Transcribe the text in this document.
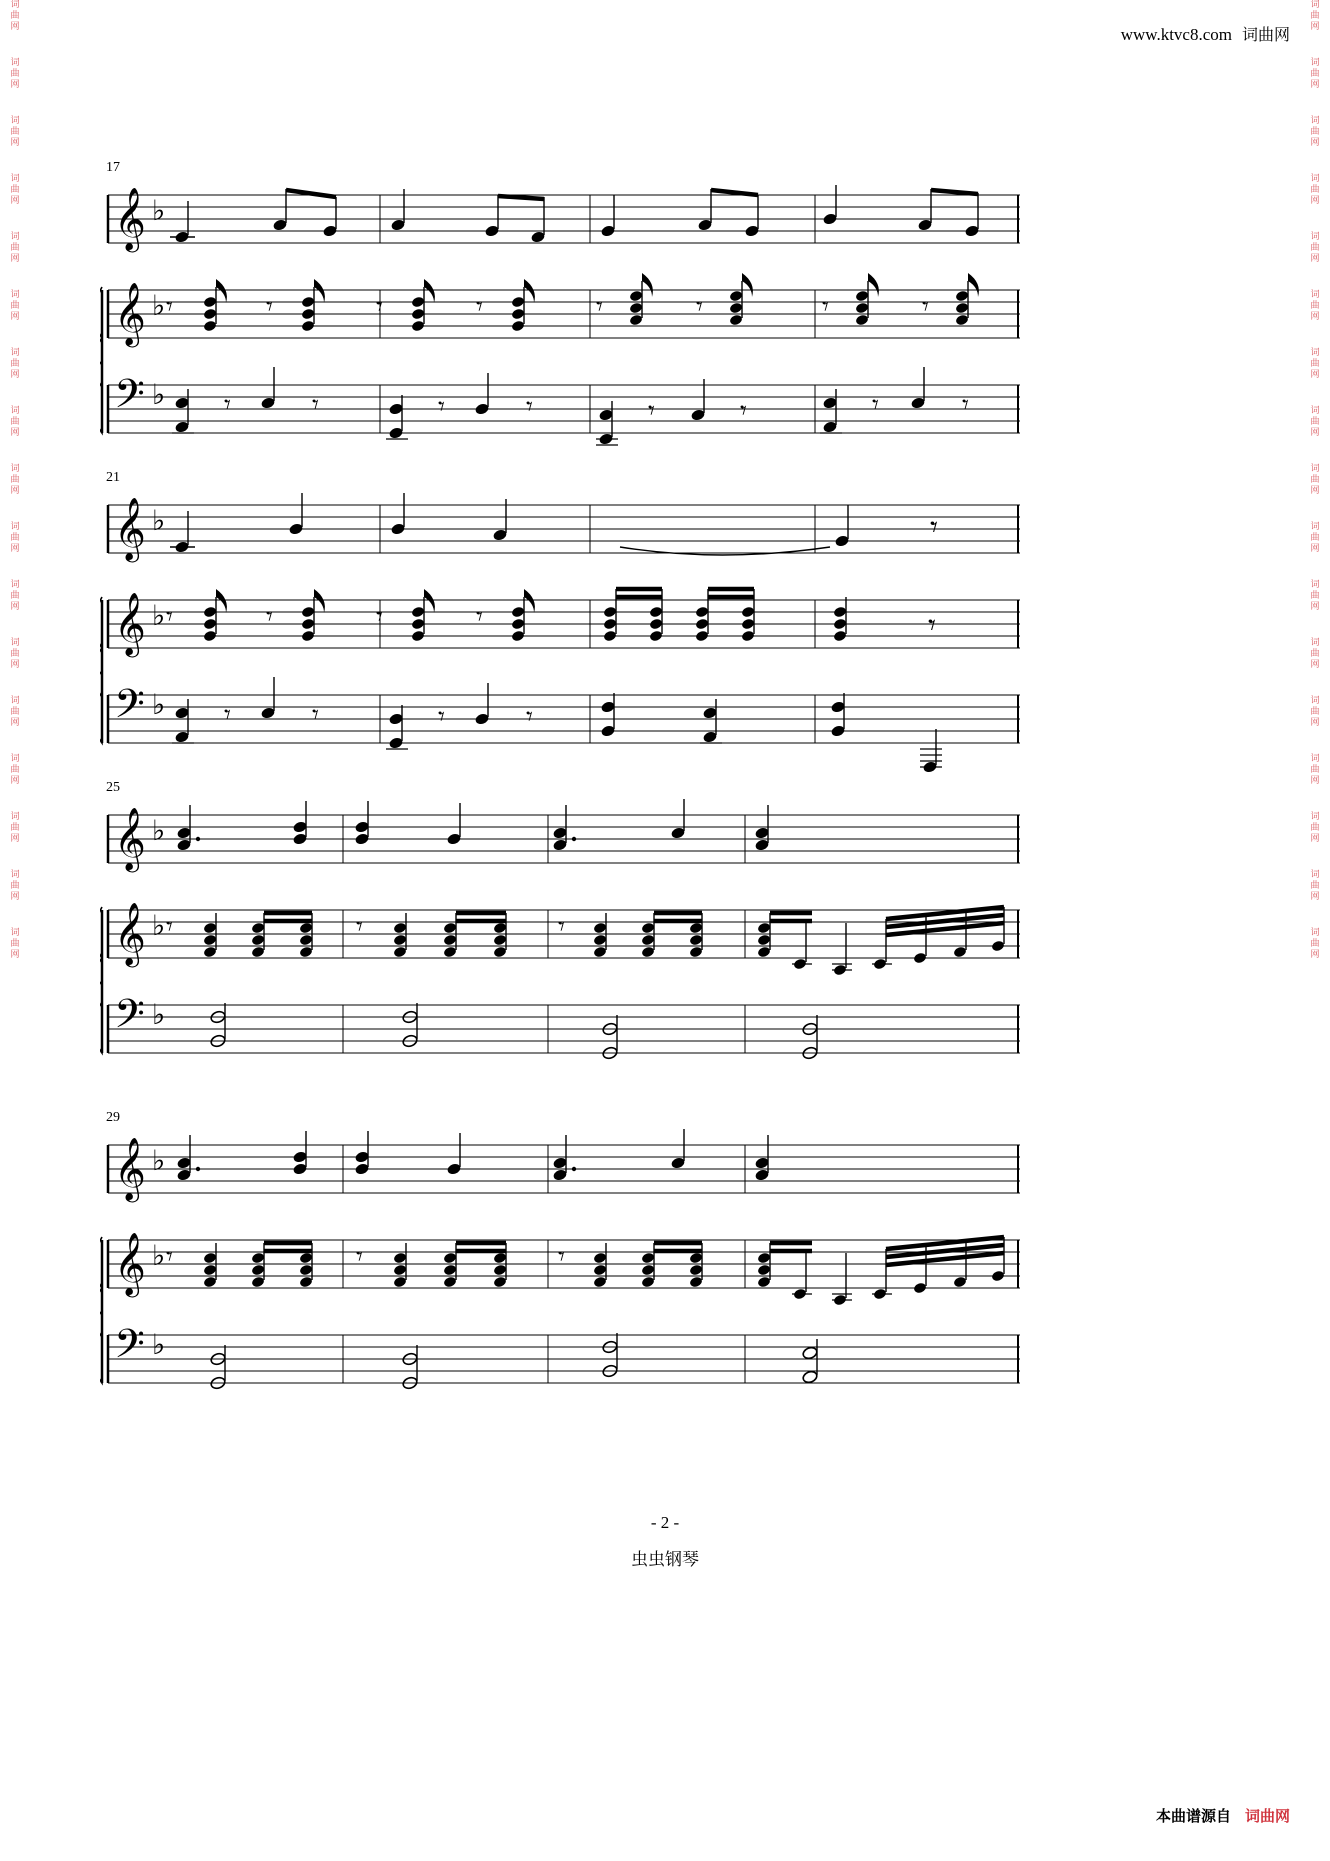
www.ktvc8.com 词曲网
词
曲
网
词
曲
网
词
曲
网
词
曲
网
词
曲
网
词
曲
网
词
曲
网
词
曲
网
词
曲
网
词
曲
网
词
曲
网
词
曲
网
词
曲
网
词
曲
网
词
曲
网
词
曲
网
词
曲
网
词
曲
网
词
曲
网
词
曲
网
词
曲
网
词
曲
网
词
曲
网
词
曲
网
词
曲
网
词
曲
网
词
曲
网
词
曲
网
词
曲
网
词
曲
网
词
曲
网
词
曲
网
词
曲
网
词
曲
网
17
𝄞
𝄞
𝄢
♭
♭
♭
𝄾	𝄾	𝄾	𝄾	𝄾	𝄾	𝄾	𝄾
𝄾	𝄾	𝄾	𝄾	𝄾	𝄾	𝄾	𝄾
21
𝄞
𝄞
𝄢
♭
♭
♭
𝄾
𝄾	𝄾	𝄾	𝄾	𝄾
𝄾	𝄾	𝄾	𝄾
25
𝄞
𝄞
𝄢
♭
♭
♭
𝄾	𝄾	𝄾
29
𝄞
𝄞
𝄢
♭
♭
♭
𝄾	𝄾	𝄾
- 2 -
虫虫钢琴
本曲谱源自 词曲网
